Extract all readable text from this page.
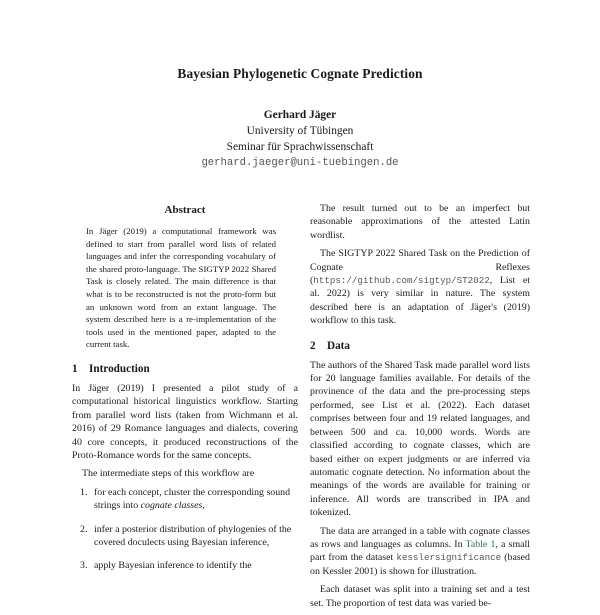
Bayesian Phylogenetic Cognate Prediction
Gerhard Jäger
University of Tübingen
Seminar für Sprachwissenschaft
gerhard.jaeger@uni-tuebingen.de
Abstract

In Jäger (2019) a computational framework was defined to start from parallel word lists of related languages and infer the corresponding vocabulary of the shared proto-language. The SIGTYP 2022 Shared Task is closely related. The main difference is that what is to be reconstructed is not the proto-form but an unknown word from an extant language. The system described here is a re-implementation of the tools used in the mentioned paper, adapted to the current task.

1 Introduction

In Jäger (2019) I presented a pilot study of a computational historical linguistics workflow. Starting from parallel word lists (taken from Wichmann et al. 2016) of 29 Romance languages and dialects, covering 40 core concepts, it produced reconstructions of the Proto-Romance words for the same concepts.

The intermediate steps of this workflow are

1. for each concept, cluster the corresponding sound strings into cognate classes,
2. infer a posterior distribution of phylogenies of the covered doculects using Bayesian inference,
3. apply Bayesian inference to identify the

The result turned out to be an imperfect but reasonable approximations of the attested Latin wordlist.

The SIGTYP 2022 Shared Task on the Prediction of Cognate Reflexes (https://github.com/sigtyp/ST2022, List et al. 2022) is very similar in nature. The system described here is an adaptation of Jäger's (2019) workflow to this task.

2 Data

The authors of the Shared Task made parallel word lists for 20 language families available. For details of the provinence of the data and the pre-processing steps performed, see List et al. (2022). Each dataset comprises between four and 19 related languages, and between 500 and ca. 10,000 words. Words are classified according to cognate classes, which are based either on expert judgments or are inferred via automatic cognate detection. No information about the meanings of the words are available for training or inference. All words are transcribed in IPA and tokenized.

The data are arranged in a table with cognate classes as rows and languages as columns. In Table 1, a small part from the dataset kesslersignificance (based on Kessler 2001) is shown for illustration.

Each dataset was split into a training set and a test set. The proportion of test data was varied be-
